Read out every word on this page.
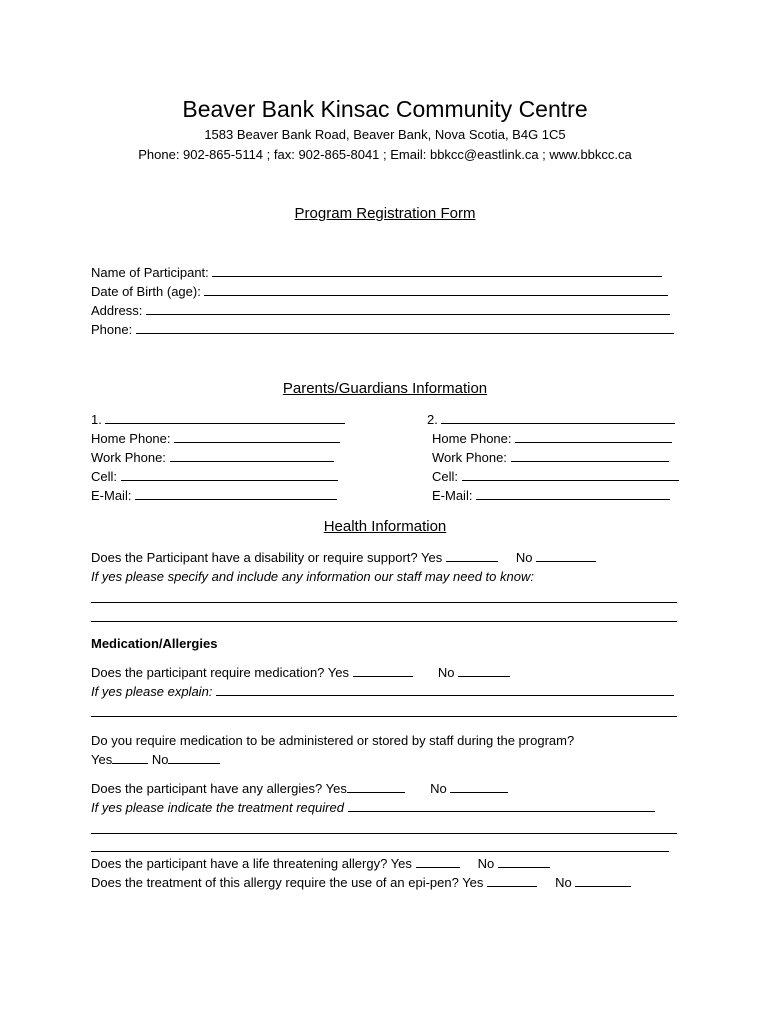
Beaver Bank Kinsac Community Centre
1583 Beaver Bank Road, Beaver Bank, Nova Scotia, B4G 1C5
Phone: 902-865-5114 ; fax: 902-865-8041 ; Email: bbkcc@eastlink.ca ; www.bbkcc.ca
Program Registration Form
Name of Participant:
Date of Birth (age):
Address:
Phone:
Parents/Guardians Information
1.	2.
Home Phone:	Home Phone:
Work Phone:	Work Phone:
Cell:	Cell:
E-Mail:	E-Mail:
Health Information
Does the Participant have a disability or require support? Yes	No
If yes please specify and include any information our staff may need to know:
Medication/Allergies
Does the participant require medication? Yes	No
If yes please explain:
Do you require medication to be administered or stored by staff during the program?
Yes	No
Does the participant have any allergies? Yes	No
If yes please indicate the treatment required
Does the participant have a life threatening allergy? Yes	No
Does the treatment of this allergy require the use of an epi-pen? Yes	No
